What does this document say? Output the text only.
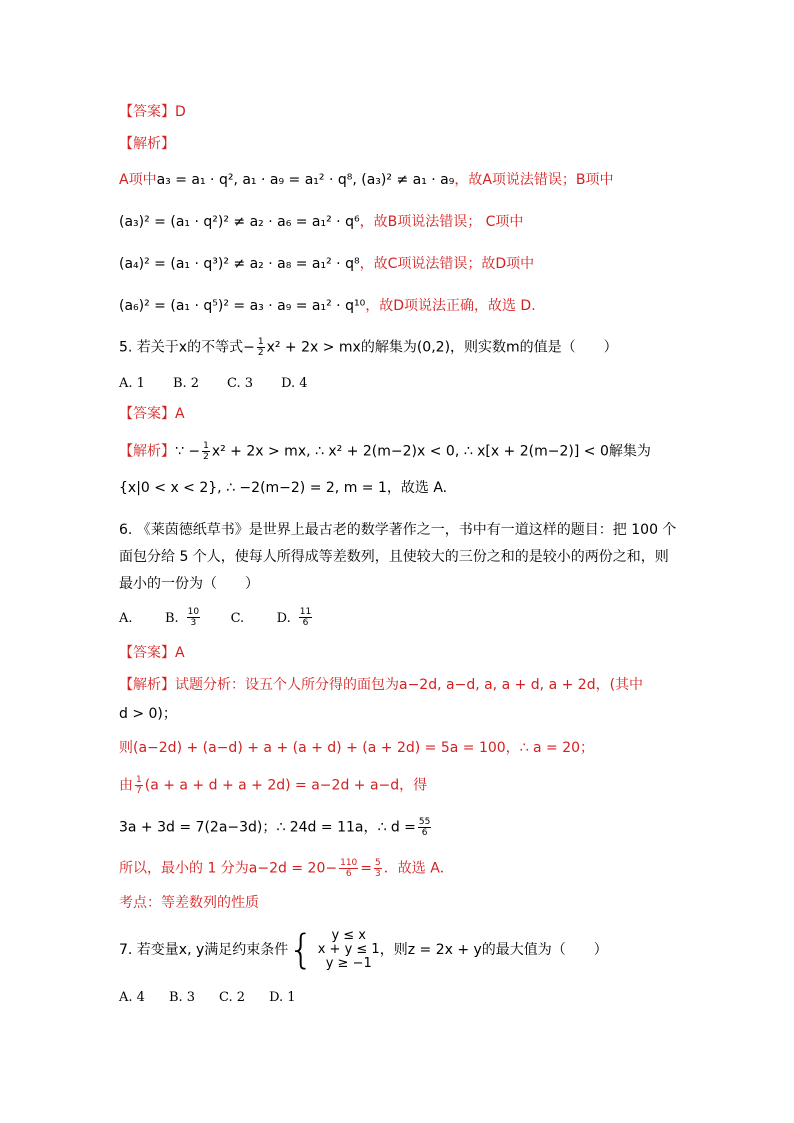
【答案】D
【解析】
A项中a₃ = a₁ · q², a₁ · a₉ = a₁² · q⁸, (a₃)² ≠ a₁ · a₉，故A项说法错误；B项中
(a₃)² = (a₁ · q²)² ≠ a₂ · a₆ = a₁² · q⁶，故B项说法错误； C项中
(a₄)² = (a₁ · q³)² ≠ a₂ · a₈ = a₁² · q⁸，故C项说法错误；故D项中
(a₆)² = (a₁ · q⁵)² = a₃ · a₉ = a₁² · q¹⁰，故D项说法正确，故选 D.
5. 若关于x的不等式− $\frac{1}{2} x^2 + 2x$ > mx的解集为(0,2)，则实数m的值是（　　）
A. 1 B. 2 C. 3 D. 4
【答案】A
【解析】∵ − $\frac{1}{2} x^2 + 2x$ > mx, ∴ x² + 2(m−2)x < 0, ∴ x[x + 2(m−2)] < 0解集为
{x|0 < x < 2}, ∴ −2(m−2) = 2, m = 1，故选 A.
6. 《莱茵德纸草书》是世界上最古老的数学著作之一，书中有一道这样的题目：把 100 个
面包分给 5 个人，使每人所得成等差数列，且使较大的三份之和的是较小的两份之和，则
最小的一份为（　　）
A. B. $\frac{10}{3} C$. D. $\frac{11}{6}$
【答案】A
【解析】试题分析：设五个人所分得的面包为a−2d, a−d, a, a + d, a + 2d，(其中
d > 0)；
则(a−2d) + (a−d) + a + (a + d) + (a + 2d) = 5a = 100，∴ a = 20；
由 $\frac{1}{7} (a + a + d + a + 2d) = a-2d + a-d$，得
3a + 3d = 7(2a−3d)；∴ 24d = 11a，∴ $d = \frac{55}{6}$
所以，最小的 1 分为$a-2d = 20- \frac{110}{6} = \frac{5}{3}$ ．故选 A．
考点：等差数列的性质
7. 若变量x, y满足约束条件{	y ≤ x
x + y ≤ 1
y ≥ −1
，则z = 2x + y的最大值为（　　）
A. 4 B. 3 C. 2 D. 1
